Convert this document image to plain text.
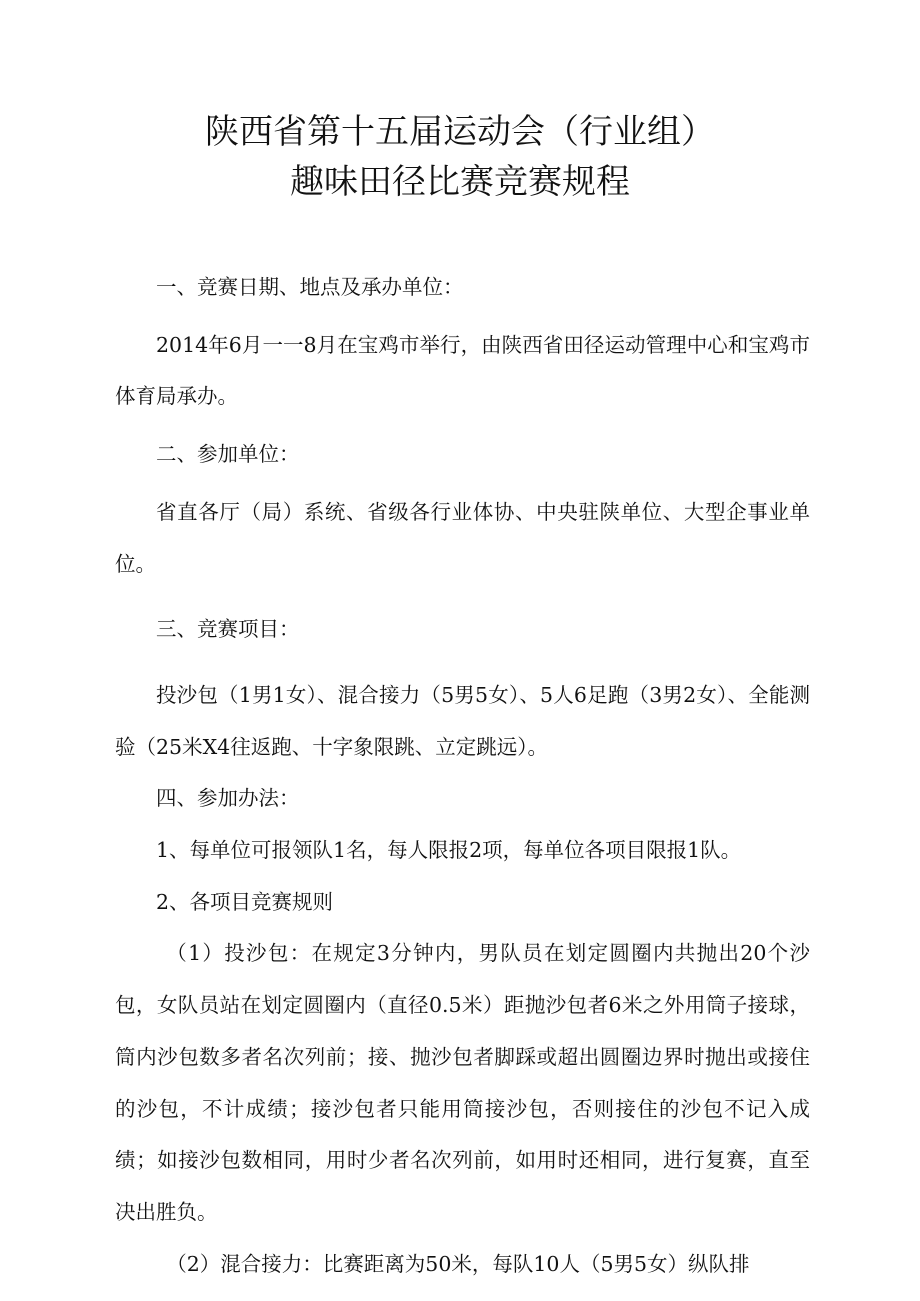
陕西省第十五届运动会（行业组）
趣味田径比赛竞赛规程

一、竞赛日期、地点及承办单位：

2014年6月一一8月在宝鸡市举行，由陕西省田径运动管理中心和宝鸡市体育局承办。

二、参加单位：

省直各厅（局）系统、省级各行业体协、中央驻陕单位、大型企事业单位。

三、竞赛项目：

投沙包（1男1女）、混合接力（5男5女）、5人6足跑（3男2女）、全能测验（25米X4往返跑、十字象限跳、立定跳远）。

四、参加办法：

1、每单位可报领队1名，每人限报2项，每单位各项目限报1队。

2、各项目竞赛规则

（1）投沙包：在规定3分钟内，男队员在划定圆圈内共抛出20个沙包，女队员站在划定圆圈内（直径0.5米）距抛沙包者6米之外用筒子接球，筒内沙包数多者名次列前；接、抛沙包者脚踩或超出圆圈边界时抛出或接住的沙包，不计成绩；接沙包者只能用筒接沙包，否则接住的沙包不记入成绩；如接沙包数相同，用时少者名次列前，如用时还相同，进行复赛，直至决出胜负。

（2）混合接力：比赛距离为50米，每队10人（5男5女）纵队排
